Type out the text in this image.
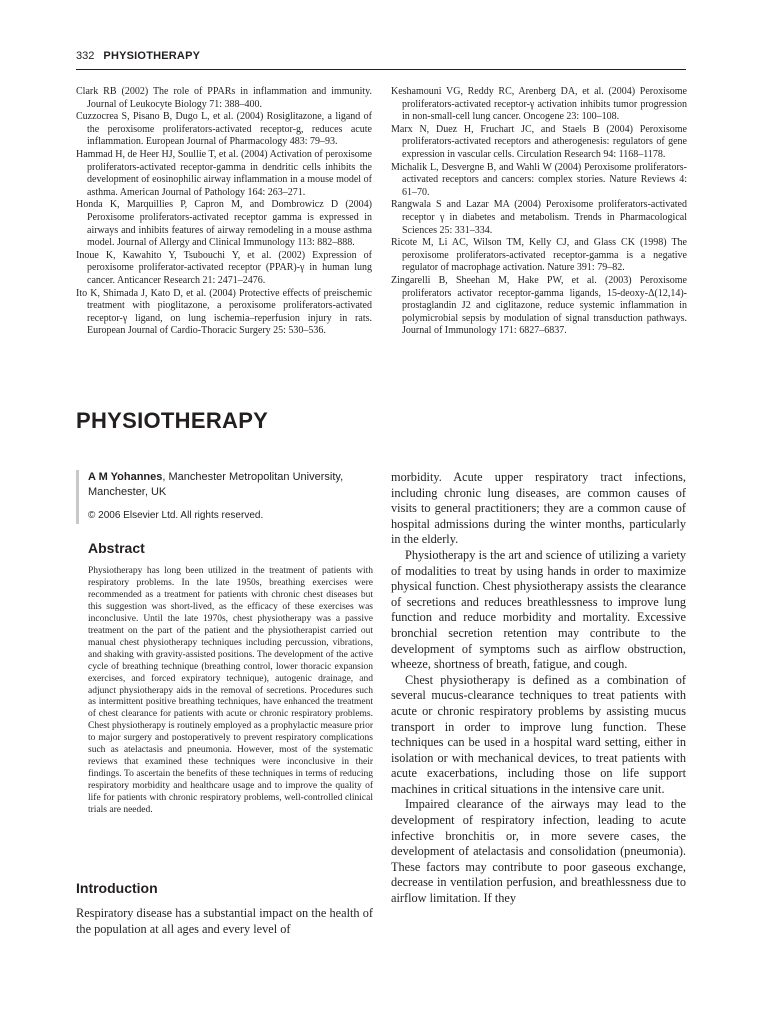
332 PHYSIOTHERAPY

Clark RB (2002) The role of PPARs in inflammation and immunity. Journal of Leukocyte Biology 71: 388–400.

Cuzzocrea S, Pisano B, Dugo L, et al. (2004) Rosiglitazone, a ligand of the peroxisome proliferators-activated receptor-g, reduces acute inflammation. European Journal of Pharmacology 483: 79–93.

Hammad H, de Heer HJ, Soullie T, et al. (2004) Activation of peroxisome proliferators-activated receptor-gamma in dendritic cells inhibits the development of eosinophilic airway inflammation in a mouse model of asthma. American Journal of Pathology 164: 263–271.

Honda K, Marquillies P, Capron M, and Dombrowicz D (2004) Peroxisome proliferators-activated receptor gamma is expressed in airways and inhibits features of airway remodeling in a mouse asthma model. Journal of Allergy and Clinical Immunology 113: 882–888.

Inoue K, Kawahito Y, Tsubouchi Y, et al. (2002) Expression of peroxisome proliferator-activated receptor (PPAR)-γ in human lung cancer. Anticancer Research 21: 2471–2476.

Ito K, Shimada J, Kato D, et al. (2004) Protective effects of preischemic treatment with pioglitazone, a peroxisome proliferators-activated receptor-γ ligand, on lung ischemia–reperfusion injury in rats. European Journal of Cardio-Thoracic Surgery 25: 530–536.

Keshamouni VG, Reddy RC, Arenberg DA, et al. (2004) Peroxisome proliferators-activated receptor-γ activation inhibits tumor progression in non-small-cell lung cancer. Oncogene 23: 100–108.

Marx N, Duez H, Fruchart JC, and Staels B (2004) Peroxisome proliferators-activated receptors and atherogenesis: regulators of gene expression in vascular cells. Circulation Research 94: 1168–1178.

Michalik L, Desvergne B, and Wahli W (2004) Peroxisome proliferators-activated receptors and cancers: complex stories. Nature Reviews 4: 61–70.

Rangwala S and Lazar MA (2004) Peroxisome proliferators-activated receptor γ in diabetes and metabolism. Trends in Pharmacological Sciences 25: 331–334.

Ricote M, Li AC, Wilson TM, Kelly CJ, and Glass CK (1998) The peroxisome proliferators-activated receptor-gamma is a negative regulator of macrophage activation. Nature 391: 79–82.

Zingarelli B, Sheehan M, Hake PW, et al. (2003) Peroxisome proliferators activator receptor-gamma ligands, 15-deoxy-Δ(12,14)-prostaglandin J2 and ciglitazone, reduce systemic inflammation in polymicrobial sepsis by modulation of signal transduction pathways. Journal of Immunology 171: 6827–6837.

PHYSIOTHERAPY
A M Yohannes, Manchester Metropolitan University, Manchester, UK
© 2006 Elsevier Ltd. All rights reserved.
Abstract

Physiotherapy has long been utilized in the treatment of patients with respiratory problems. In the late 1950s, breathing exercises were recommended as a treatment for patients with chronic chest diseases but this suggestion was short-lived, as the efficacy of these exercises was inconclusive. Until the late 1970s, chest physiotherapy was a passive treatment on the part of the patient and the physiotherapist carried out manual chest physiotherapy techniques including percussion, vibrations, and shaking with gravity-assisted positions. The development of the active cycle of breathing technique (breathing control, lower thoracic expansion exercises, and forced expiratory technique), autogenic drainage, and adjunct physiotherapy aids in the removal of secretions. Procedures such as intermittent positive breathing techniques, have enhanced the treatment of chest clearance for patients with acute or chronic respiratory problems. Chest physiotherapy is routinely employed as a prophylactic measure prior to major surgery and postoperatively to prevent respiratory complications such as atelactasis and pneumonia. However, most of the systematic reviews that examined these techniques were inconclusive in their findings. To ascertain the benefits of these techniques in terms of reducing respiratory morbidity and healthcare usage and to improve the quality of life for patients with chronic respiratory problems, well-controlled clinical trials are needed.

Introduction

Respiratory disease has a substantial impact on the health of the population at all ages and every level of

morbidity. Acute upper respiratory tract infections, including chronic lung diseases, are common causes of visits to general practitioners; they are a common cause of hospital admissions during the winter months, particularly in the elderly.

Physiotherapy is the art and science of utilizing a variety of modalities to treat by using hands in order to maximize physical function. Chest physiotherapy assists the clearance of secretions and reduces breathlessness to improve lung function and reduce morbidity and mortality. Excessive bronchial secretion retention may contribute to the development of symptoms such as airflow obstruction, wheeze, shortness of breath, fatigue, and cough.

Chest physiotherapy is defined as a combination of several mucus-clearance techniques to treat patients with acute or chronic respiratory problems by assisting mucus transport in order to improve lung function. These techniques can be used in a hospital ward setting, either in isolation or with mechanical devices, to treat patients with acute exacerbations, including those on life support machines in critical situations in the intensive care unit.

Impaired clearance of the airways may lead to the development of respiratory infection, leading to acute infective bronchitis or, in more severe cases, the development of atelactasis and consolidation (pneumonia). These factors may contribute to poor gaseous exchange, decrease in ventilation perfusion, and breathlessness due to airflow limitation. If they
